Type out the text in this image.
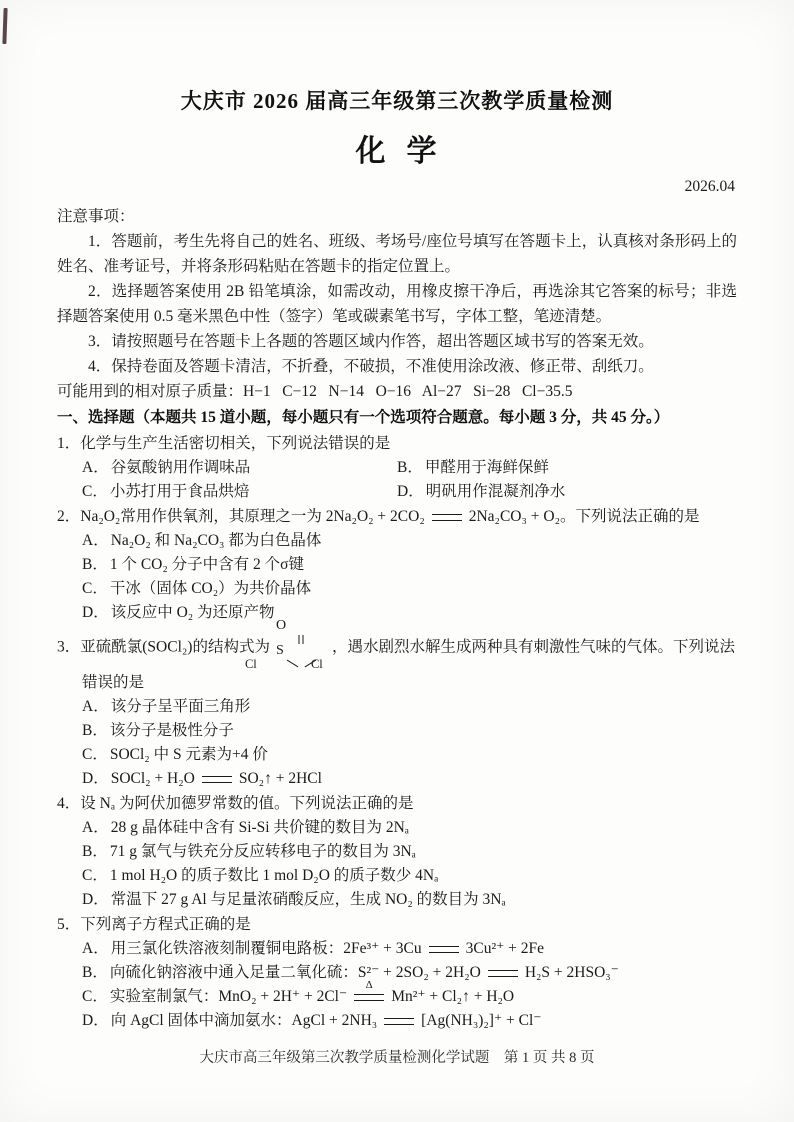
大庆市 2026 届高三年级第三次教学质量检测
化  学
2026.04

注意事项：

1．答题前，考生先将自己的姓名、班级、考场号/座位号填写在答题卡上，认真核对条形码上的姓名、准考证号，并将条形码粘贴在答题卡的指定位置上。

2．选择题答案使用 2B 铅笔填涂，如需改动，用橡皮擦干净后，再选涂其它答案的标号；非选择题答案使用 0.5 毫米黑色中性（签字）笔或碳素笔书写，字体工整，笔迹清楚。

3．请按照题号在答题卡上各题的答题区域内作答，超出答题区域书写的答案无效。

4．保持卷面及答题卡清洁，不折叠，不破损，不准使用涂改液、修正带、刮纸刀。

可能用到的相对原子质量：H−1   C−12   N−14   O−16   Al−27   Si−28   Cl−35.5

一、选择题（本题共 15 道小题，每小题只有一个选项符合题意。每小题 3 分，共 45 分。）

1．化学与生产生活密切相关，下列说法错误的是

A． 谷氨酸钠用作调味品	B． 甲醛用于海鲜保鲜
C． 小苏打用于食品烘焙	D． 明矾用作混凝剂净水

2．Na₂O₂常用作供氧剂，其原理之一为 2Na₂O₂ + 2CO₂	2Na₂CO₃ + O₂。下列说法正确的是

A． Na₂O₂ 和 Na₂CO₃ 都为白色晶体

B． 1 个 CO₂ 分子中含有 2 个σ键

C． 干冰（固体 CO₂）为共价晶体

D． 该反应中 O₂ 为还原产物

3．亚硫酰氯(SOCl₂)的结构式为
O
S
Cl	Cl
，遇水剧烈水解生成两种具有刺激性气味的气体。下列说法

错误的是

A． 该分子呈平面三角形

B． 该分子是极性分子

C． SOCl₂ 中 S 元素为+4 价

D． SOCl₂ + H₂O	SO₂↑ + 2HCl

4．设 Nₐ 为阿伏加德罗常数的值。下列说法正确的是

A． 28 g 晶体硅中含有 Si-Si 共价键的数目为 2Nₐ

B． 71 g 氯气与铁充分反应转移电子的数目为 3Nₐ

C． 1 mol H₂O 的质子数比 1 mol D₂O 的质子数少 4Nₐ

D． 常温下 27 g Al 与足量浓硝酸反应，生成 NO₂ 的数目为 3Nₐ

5．下列离子方程式正确的是

A． 用三氯化铁溶液刻制覆铜电路板：2Fe³⁺ + 3Cu	3Cu²⁺ + 2Fe

B． 向硫化钠溶液中通入足量二氧化硫：S²⁻ + 2SO₂ + 2H₂O	H₂S + 2HSO₃⁻

C． 实验室制氯气：MnO₂ + 2H⁺ + 2Cl⁻
Δ
Mn²⁺ + Cl₂↑ + H₂O

D． 向 AgCl 固体中滴加氨水：AgCl + 2NH₃	[Ag(NH₃)₂]⁺ + Cl⁻

大庆市高三年级第三次教学质量检测化学试题　第 1 页 共 8 页
